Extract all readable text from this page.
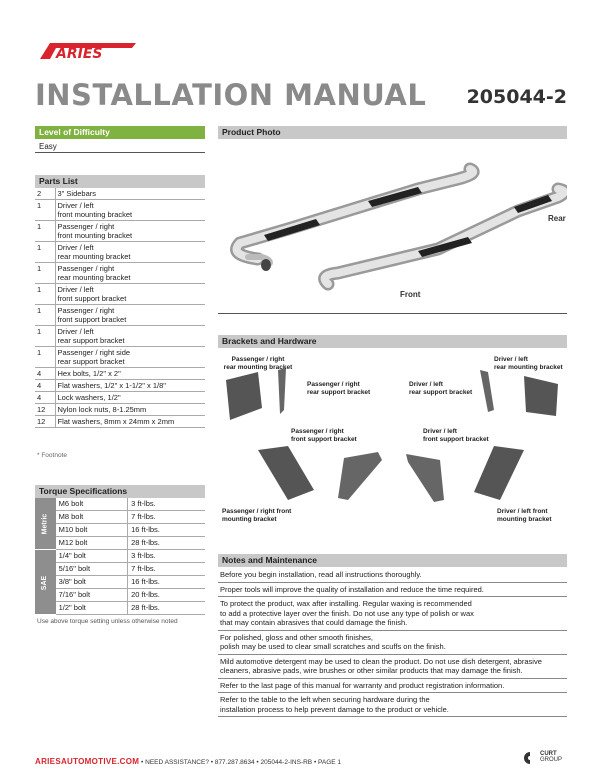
ARIES
INSTALLATION MANUAL 205044-2
Level of Difficulty
Easy
Parts List
2	3" Sidebars
1	Driver / left
front mounting bracket
1	Passenger / right
front mounting bracket
1	Driver / left
rear mounting bracket
1	Passenger / right
rear mounting bracket
1	Driver / left
front support bracket
1	Passenger / right
front support bracket
1	Driver / left
rear support bracket
1	Passenger / right side
rear support bracket
4	Hex bolts, 1/2" x 2"
4	Flat washers, 1/2" x 1-1/2" x 1/8"
4	Lock washers, 1/2"
12	Nylon lock nuts, 8-1.25mm
12	Flat washers, 8mm x 24mm x 2mm
* Footnote
Torque Specifications
Metric	M6 bolt	3 ft-lbs.
	M8 bolt	7 ft-lbs.
	M10 bolt	16 ft-lbs.
	M12 bolt	28 ft-lbs.
SAE	1/4" bolt	3 ft-lbs.
	5/16" bolt	7 ft-lbs.
	3/8" bolt	16 ft-lbs.
	7/16" bolt	20 ft-lbs.
	1/2" bolt	28 ft-lbs.
Use above torque setting unless otherwise noted
Product Photo
Rear
Front
Brackets and Hardware
Passenger / right
rear mounting bracket
Passenger / right
rear support bracket
Driver / left
rear support bracket
Driver / left
rear mounting bracket
Passenger / right
front support bracket
Driver / left
front support bracket
Passenger / right front
mounting bracket
Driver / left front
mounting bracket
Notes and Maintenance
Before you begin installation, read all instructions thoroughly.
Proper tools will improve the quality of installation and reduce the time required.
To protect the product, wax after installing. Regular waxing is recommended
to add a protective layer over the finish. Do not use any type of polish or wax
that may contain abrasives that could damage the finish.
For polished, gloss and other smooth finishes,
polish may be used to clear small scratches and scuffs on the finish.
Mild automotive detergent may be used to clean the product. Do not use dish detergent, abrasive
cleaners, abrasive pads, wire brushes or other similar products that may damage the finish.
Refer to the last page of this manual for warranty and product registration information.
Refer to the table to the left when securing hardware during the
installation process to help prevent damage to the product or vehicle.
ARIESAUTOMOTIVE.COM • NEED ASSISTANCE? • 877.287.8634 • 205044-2-INS-RB • PAGE 1
CURT
GROUP
